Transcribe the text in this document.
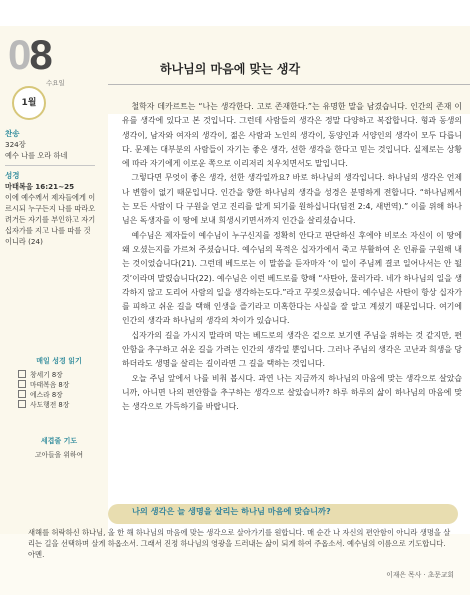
08
수요일
1월
하나님의 마음에 맞는 생각
찬송
324장
예수 나를 오라 하네
성경
마태복음 16:21~25
이에 예수께서 제자들에게 이르시되 누구든지 나를 따라오려거든 자기를 부인하고 자기 십자가를 지고 나를 따를 것이니라 (24)
매일 성경 읽기
창세기 8장
마태복음 8장
에스라 8장
사도행전 8장
세겹줄 기도
고아들을 위하여

철학자 데카르트는 “나는 생각한다. 고로 존재한다.”는 유명한 말을 남겼습니다. 인간의 존재 이유를 생각에 있다고 본 것입니다. 그런데 사람들의 생각은 정말 다양하고 복잡합니다. 형과 동생의 생각이, 남자와 여자의 생각이, 젊은 사람과 노인의 생각이, 동양인과 서양인의 생각이 모두 다릅니다. 문제는 대부분의 사람들이 자기는 좋은 생각, 선한 생각을 한다고 믿는 것입니다. 실제로는 상황에 따라 자기에게 이로운 쪽으로 이리저리 치우치면서도 말입니다.

그렇다면 무엇이 좋은 생각, 선한 생각일까요? 바로 하나님의 생각입니다. 하나님의 생각은 언제나 변함이 없기 때문입니다. 인간을 향한 하나님의 생각을 성경은 분명하게 전합니다. “하나님께서는 모든 사람이 다 구원을 얻고 진리를 알게 되기를 원하십니다(딤전 2:4, 새번역).” 이를 위해 하나님은 독생자를 이 땅에 보내 희생시키면서까지 인간을 살리셨습니다.

예수님은 제자들이 예수님이 누구신지를 정확히 안다고 판단하신 후에야 비로소 자신이 이 땅에 왜 오셨는지를 가르쳐 주셨습니다. 예수님의 목적은 십자가에서 죽고 부활하여 온 인류를 구원해 내는 것이었습니다(21). 그런데 베드로는 이 말씀을 듣자마자 ‘이 일이 주님께 결코 일어나서는 안 될 것’이라며 말렸습니다(22). 예수님은 이런 베드로를 향해 “사탄아, 물러가라. 네가 하나님의 일을 생각하지 않고 도리어 사람의 일을 생각하는도다.”라고 꾸짖으셨습니다. 예수님은 사탄이 항상 십자가를 피하고 쉬운 길을 택해 인생을 즐기라고 미혹한다는 사실을 잘 알고 계셨기 때문입니다. 여기에 인간의 생각과 하나님의 생각의 차이가 있습니다.

십자가의 길을 가시지 말라며 막는 베드로의 생각은 겉으로 보기엔 주님을 위하는 것 같지만, 편안함을 추구하고 쉬운 길을 가려는 인간의 생각일 뿐입니다. 그러나 주님의 생각은 고난과 희생을 당하더라도 생명을 살리는 길이라면 그 길을 택하는 것입니다.

오늘 주님 앞에서 나를 비춰 봅시다. 과연 나는 지금까지 하나님의 마음에 맞는 생각으로 살았습니까, 아니면 나의 편안함을 추구하는 생각으로 살았습니까? 하루 하루의 삶이 하나님의 마음에 맞는 생각으로 가득하기를 바랍니다.

나의 생각은 늘 생명을 살리는 하나님 마음에 맞습니까?
새해를 허락하신 하나님, 올 한 해 하나님의 마음에 맞는 생각으로 살아가기를 원합니다. 매 순간 나 자신의 편안함이 아니라 생명을 살리는 길을 선택하며 살게 하옵소서. 그래서 진정 하나님의 영광을 드러내는 삶이 되게 하여 주옵소서. 예수님의 이름으로 기도합니다. 아멘.
이재은 목사 · 초문교회
